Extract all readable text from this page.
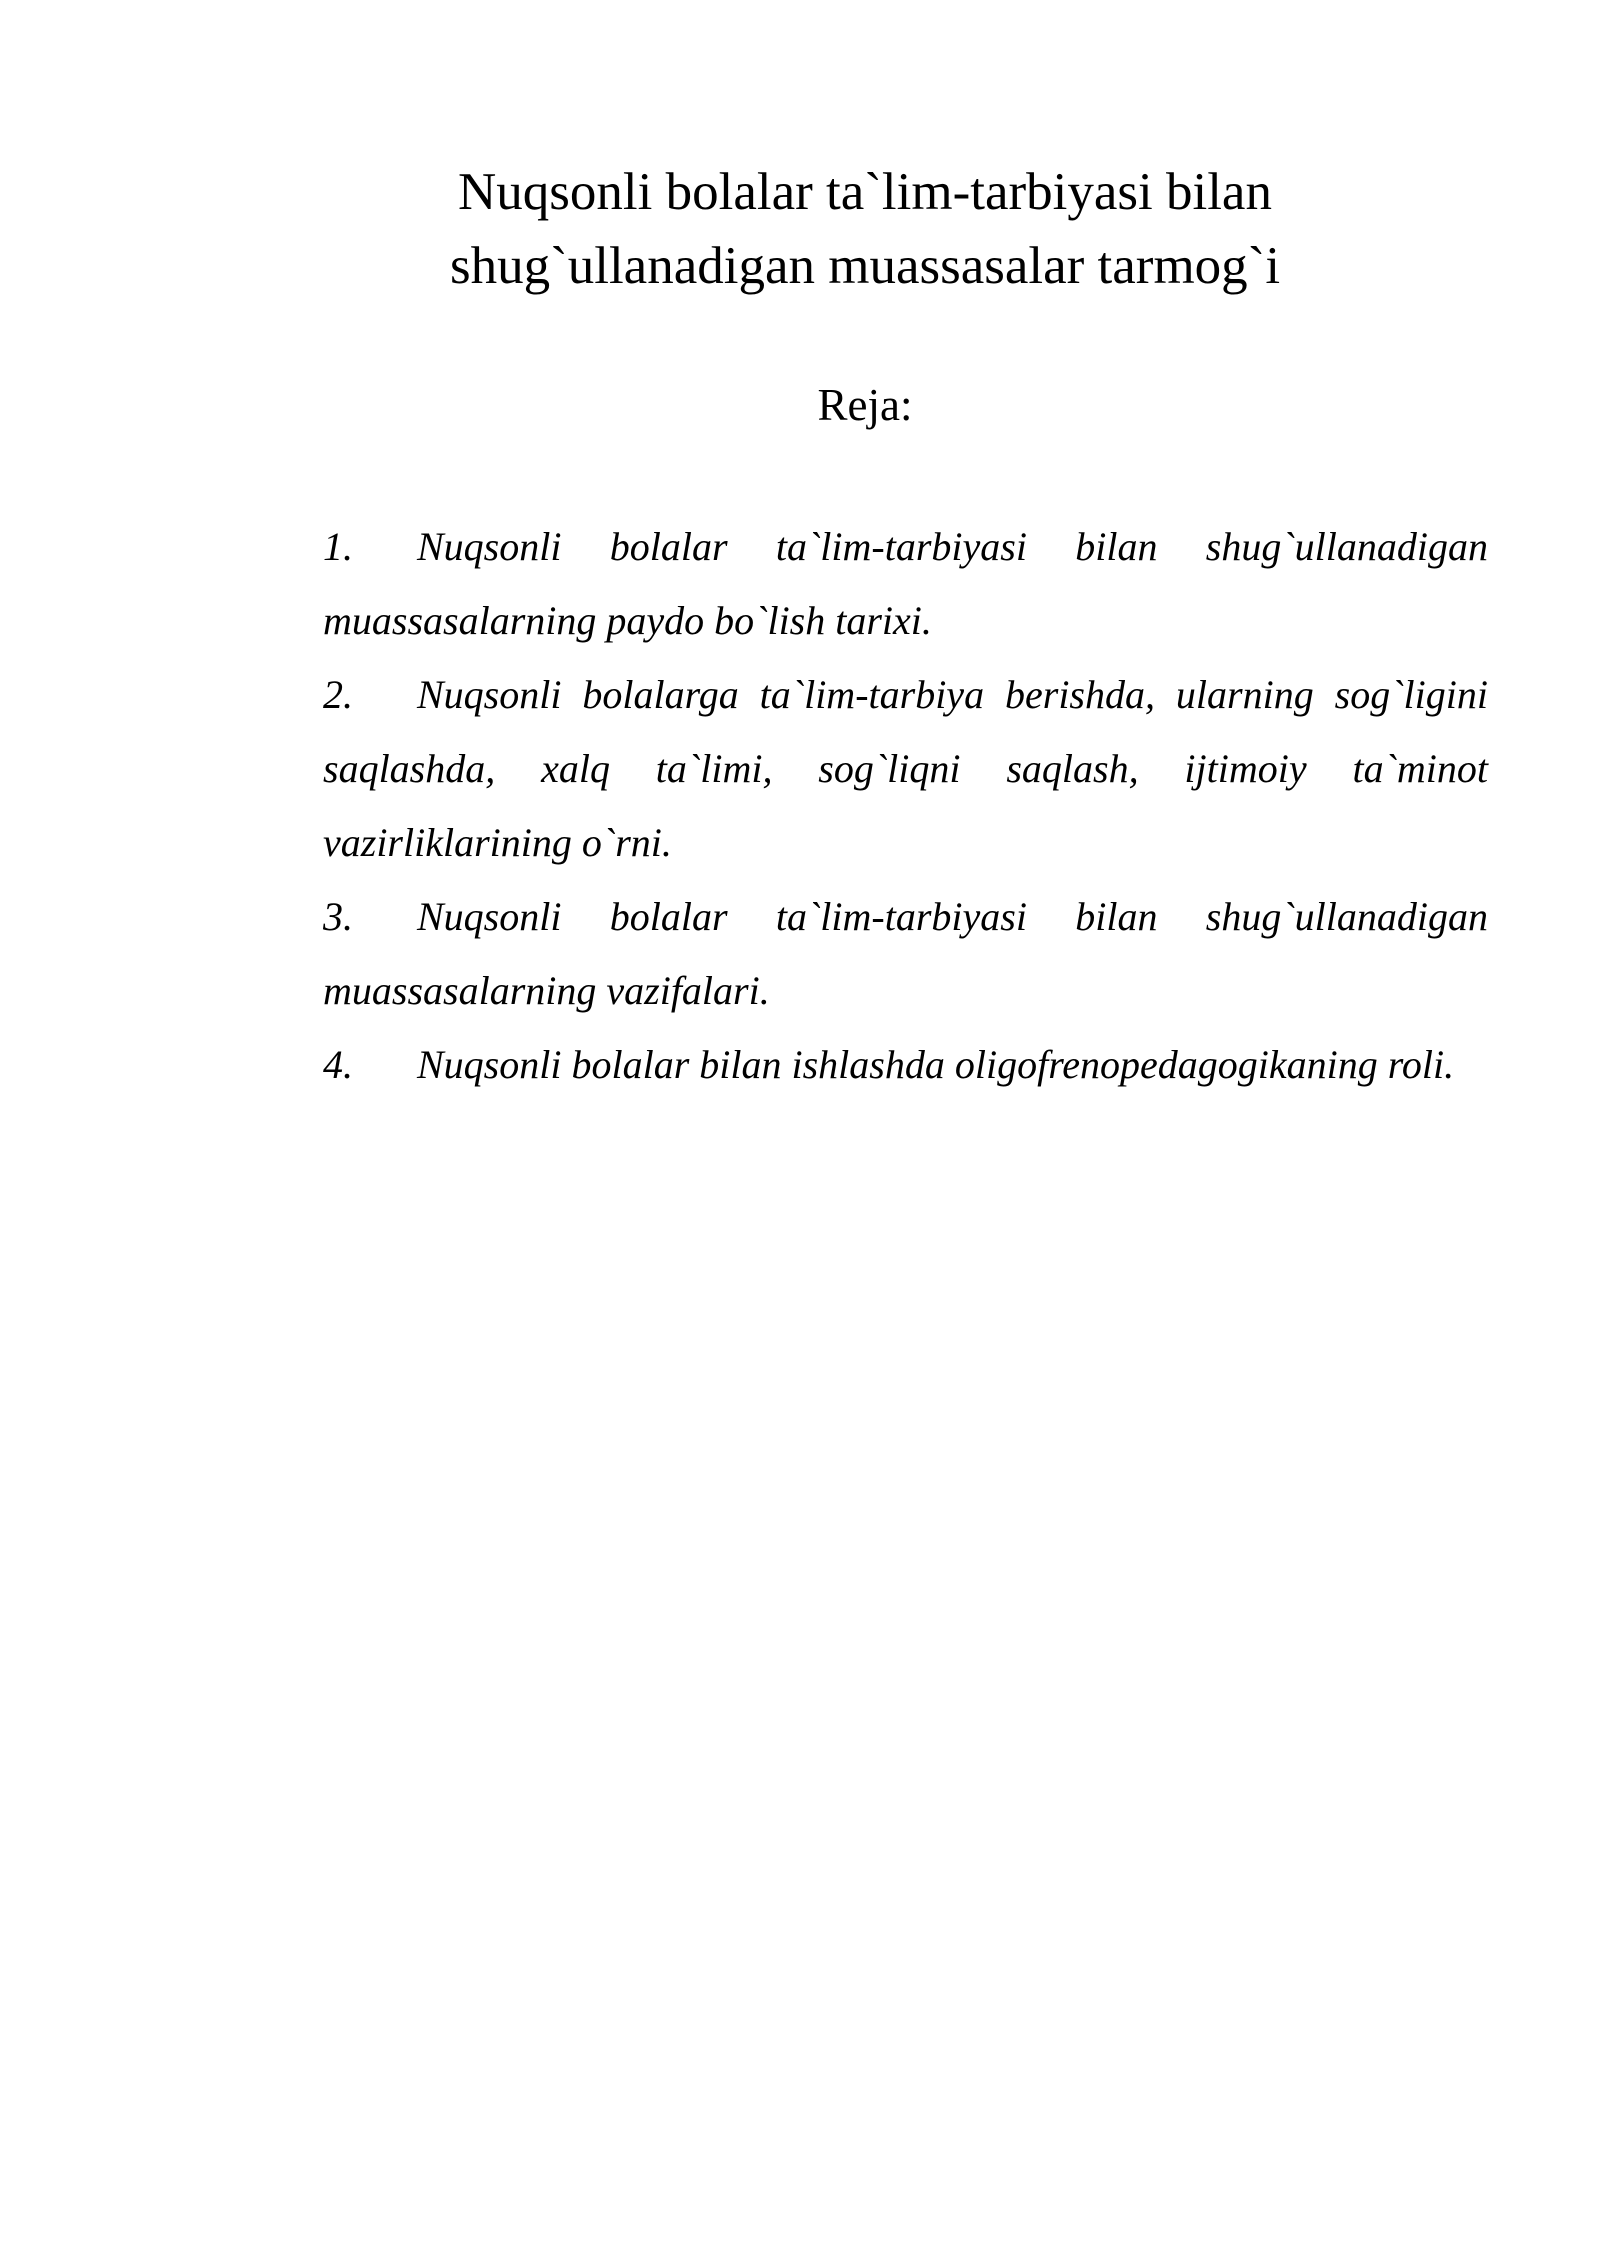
Nuqsonli bolalar ta`lim-tarbiyasi bilan
shug`ullanadigan muassasalar tarmog`i
Reja:
1. Nuqsonli bolalar ta`lim-tarbiyasi bilan shug`ullanadigan muassasalarning paydo bo`lish tarixi.
2. Nuqsonli bolalarga ta`lim-tarbiya berishda, ularning sog`ligini saqlashda, xalq ta`limi, sog`liqni saqlash, ijtimoiy ta`minot vazirliklarining o`rni.
3. Nuqsonli bolalar ta`lim-tarbiyasi bilan shug`ullanadigan muassasalarning vazifalari.
4. Nuqsonli bolalar bilan ishlashda oligofrenopedagogikaning roli.
